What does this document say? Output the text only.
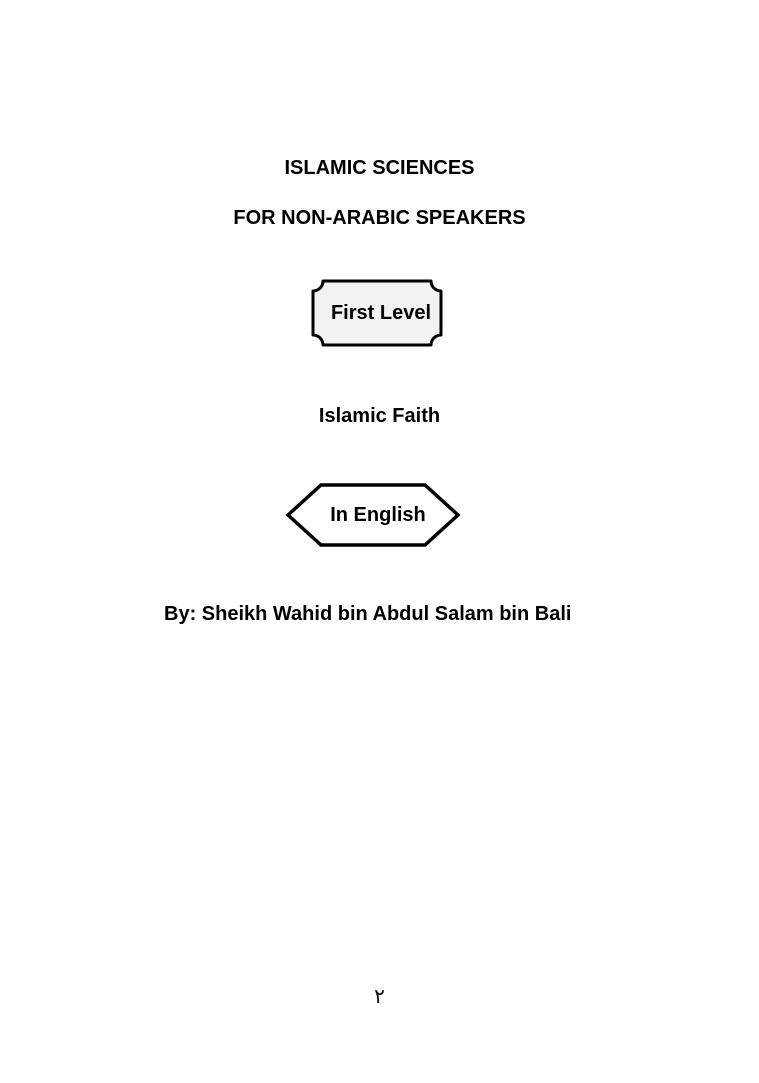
ISLAMIC SCIENCES
FOR NON-ARABIC SPEAKERS
First Level
Islamic Faith
In English
By: Sheikh Wahid bin Abdul Salam bin Bali
٢
